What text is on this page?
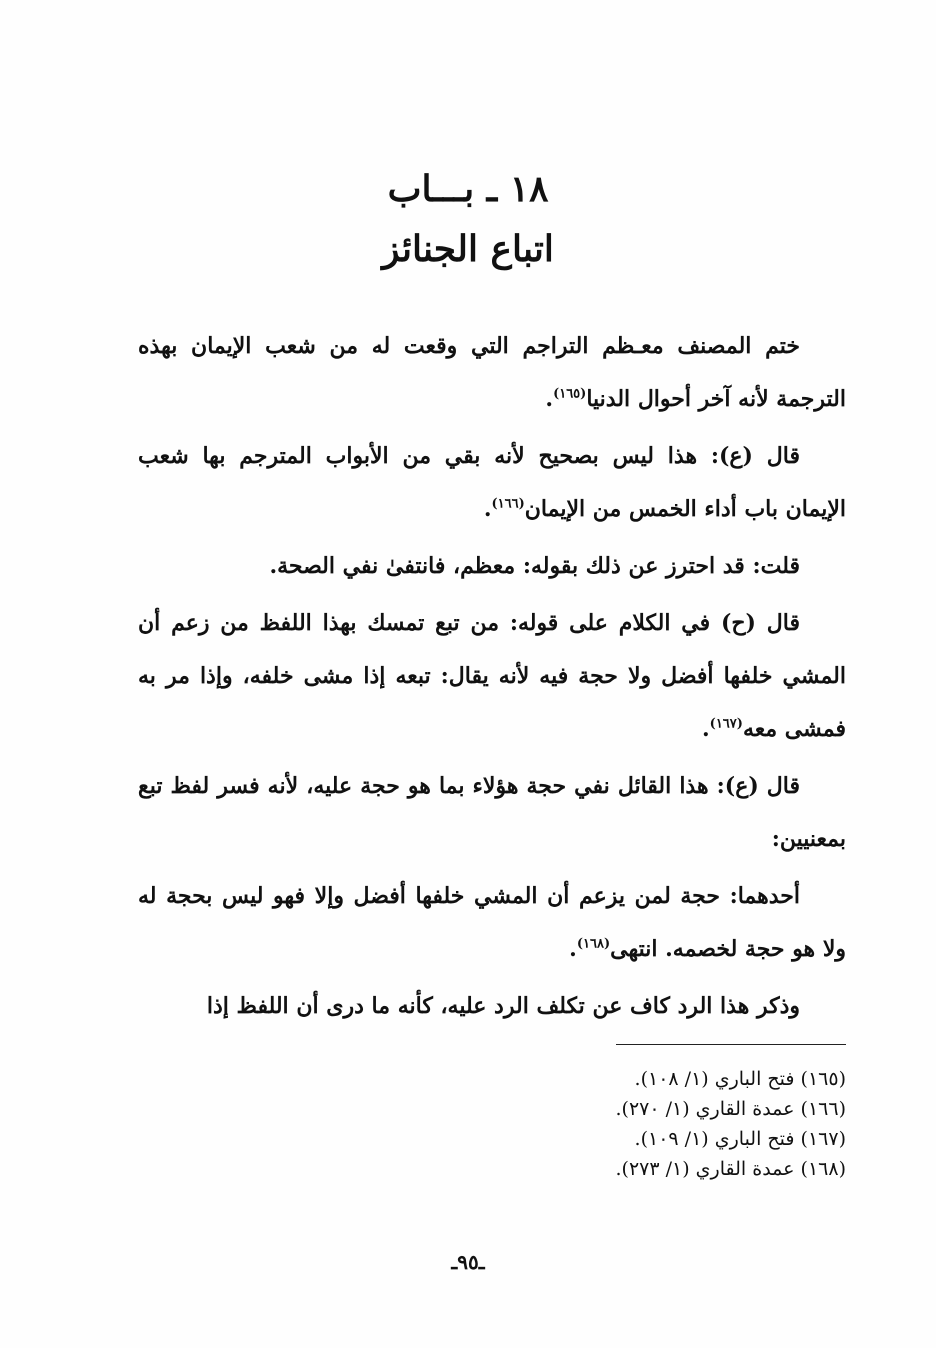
١٨ ـ بـــاب
اتباع الجنائز

ختم المصنف معـظم التراجم التي وقعت له من شعب الإيمان بهذه الترجمة لأنه آخر أحوال الدنيا$^{(١٦٥)}$.

قال (ع): هذا ليس بصحيح لأنه بقي من الأبواب المترجم بها شعب الإيمان باب أداء الخمس من الإيمان$^{(١٦٦)}$.

قلت: قد احترز عن ذلك بقوله: معظم، فانتفىٰ نفي الصحة.

قال (ح) في الكلام على قوله: من تبع تمسك بهذا اللفظ من زعم أن المشي خلفها أفضل ولا حجة فيه لأنه يقال: تبعه إذا مشى خلفه، وإذا مر به فمشى معه$^{(١٦٧)}$.

قال (ع): هذا القائل نفي حجة هؤلاء بما هو حجة عليه، لأنه فسر لفظ تبع بمعنيين:

أحدهما: حجة لمن يزعم أن المشي خلفها أفضل وإلا فهو ليس بحجة له ولا هو حجة لخصمه. انتهى$^{(١٦٨)}$.

وذكر هذا الرد كاف عن تكلف الرد عليه، كأنه ما درى أن اللفظ إذا

(١٦٥) فتح الباري (١/ ١٠٨).

(١٦٦) عمدة القاري (١/ ٢٧٠).

(١٦٧) فتح الباري (١/ ١٠٩).

(١٦٨) عمدة القاري (١/ ٢٧٣).

ـ٩٥ـ
